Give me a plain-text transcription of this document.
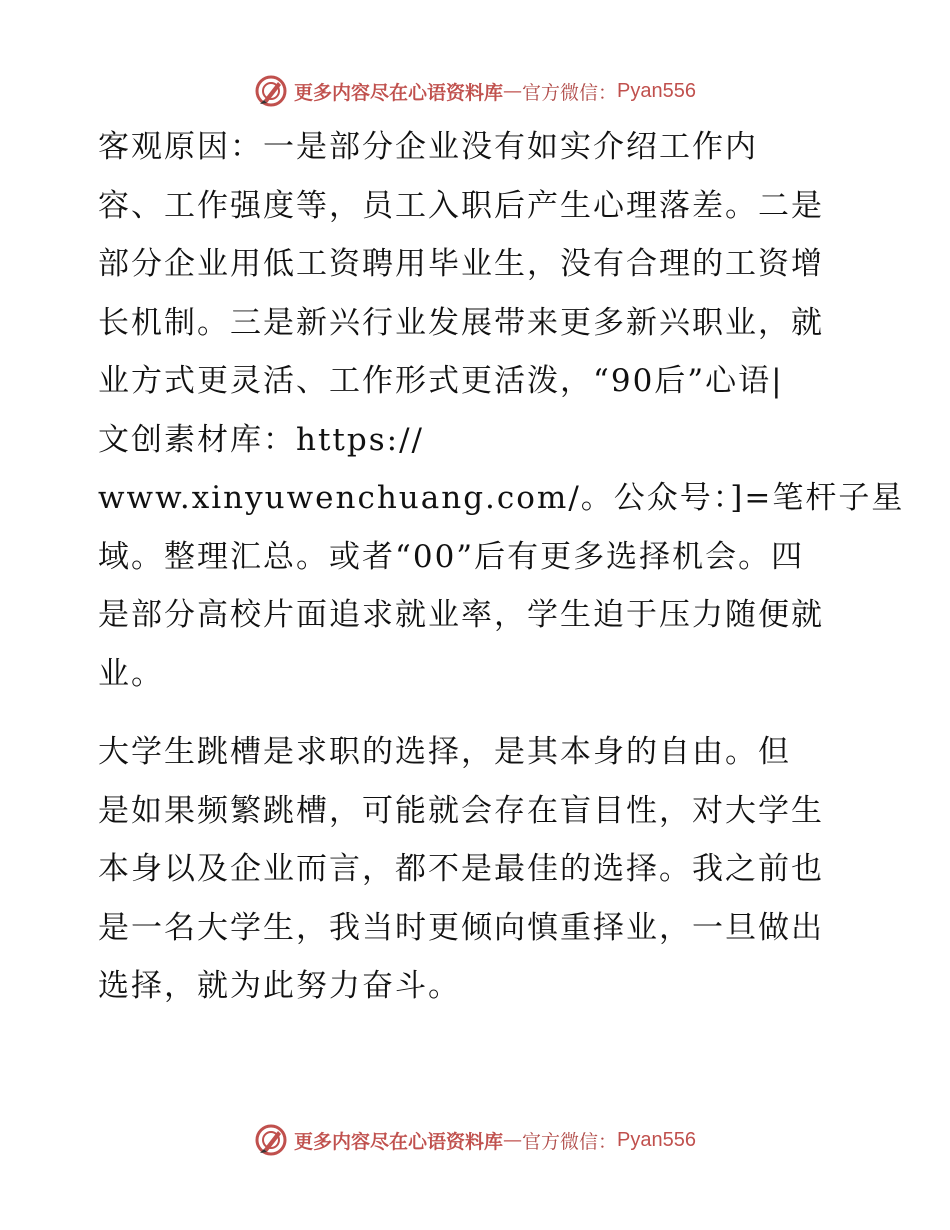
更多内容尽在心语资料库 — 官方微信： Pyan556

客观原因：一是部分企业没有如实介绍工作内
容、工作强度等，员工入职后产生心理落差。二是
部分企业用低工资聘用毕业生，没有合理的工资增
长机制。三是新兴行业发展带来更多新兴职业，就
业方式更灵活、工作形式更活泼，“90后”心语|
文创素材库：https://
www.xinyuwenchuang.com/。公众号：]=笔杆子星
域。整理汇总。或者“00”后有更多选择机会。四
是部分高校片面追求就业率，学生迫于压力随便就
业。

大学生跳槽是求职的选择，是其本身的自由。但
是如果频繁跳槽，可能就会存在盲目性，对大学生
本身以及企业而言，都不是最佳的选择。我之前也
是一名大学生，我当时更倾向慎重择业，一旦做出
选择，就为此努力奋斗。

更多内容尽在心语资料库 — 官方微信： Pyan556
